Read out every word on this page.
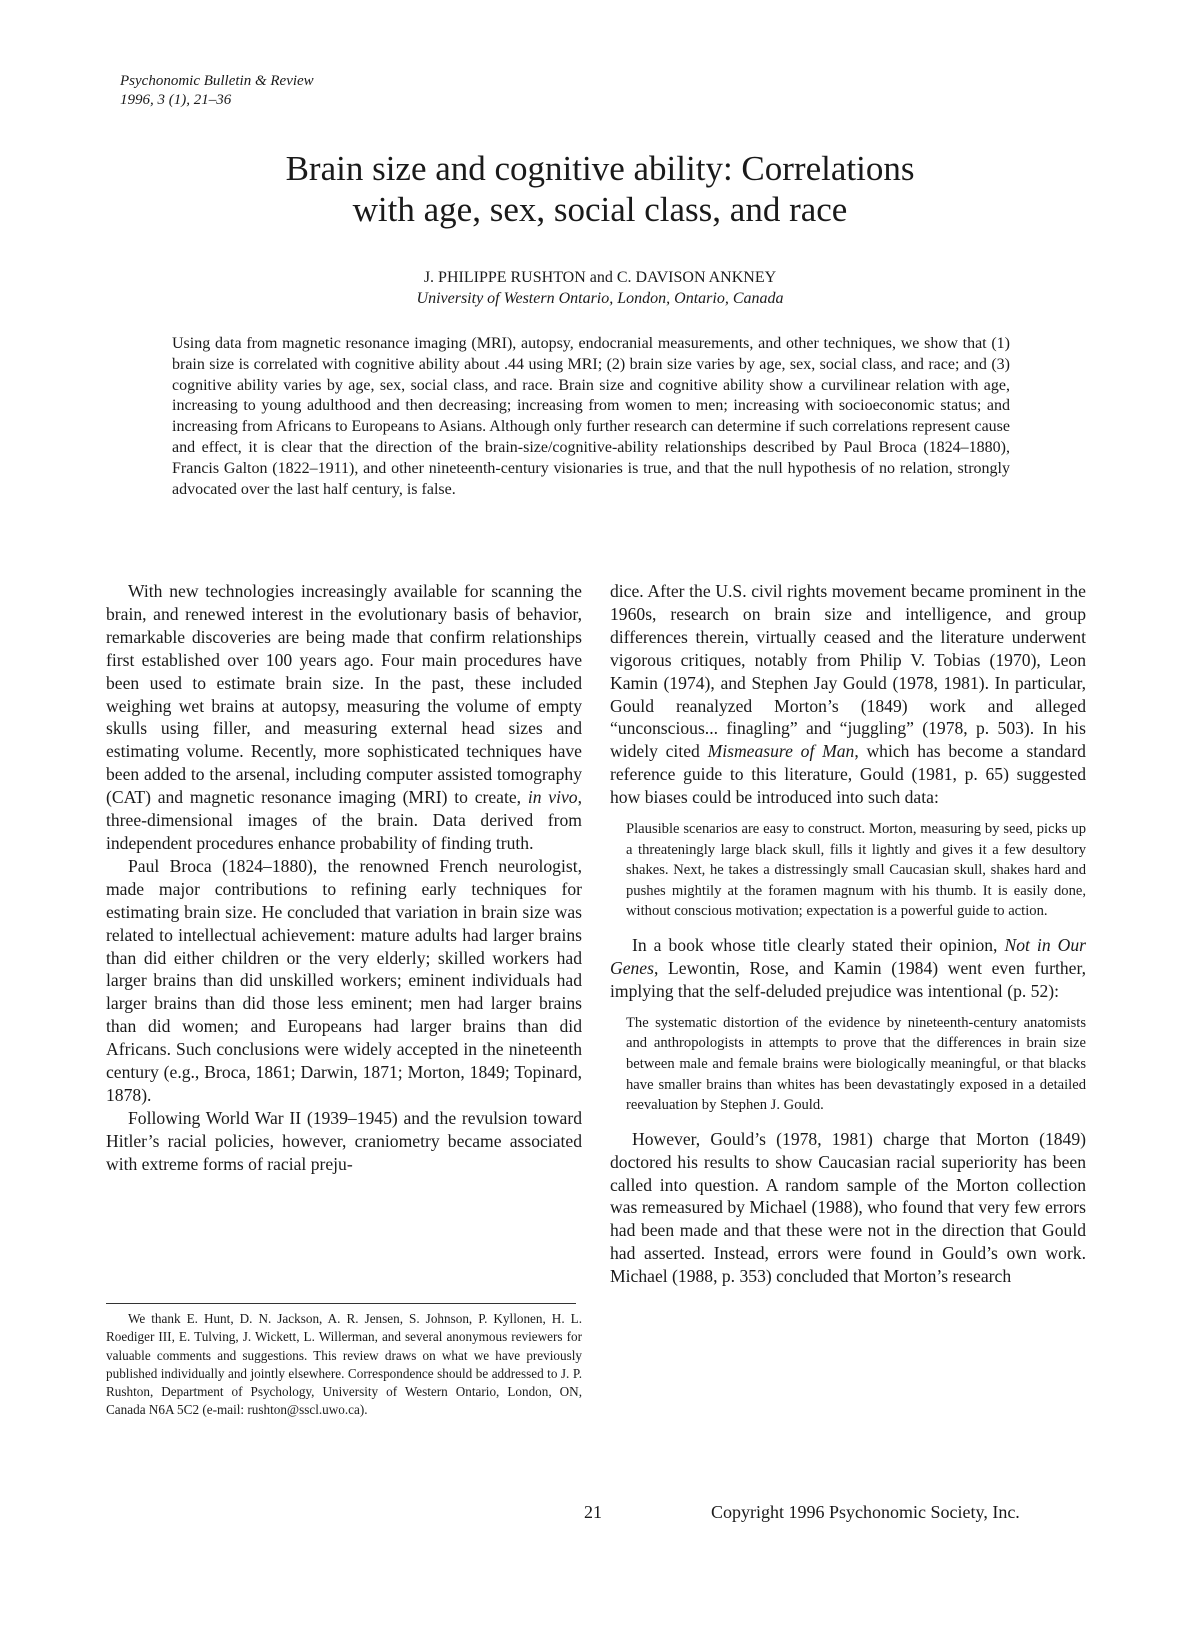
Psychonomic Bulletin & Review
1996, 3 (1), 21–36
Brain size and cognitive ability: Correlations
with age, sex, social class, and race
J. PHILIPPE RUSHTON and C. DAVISON ANKNEY
University of Western Ontario, London, Ontario, Canada
Using data from magnetic resonance imaging (MRI), autopsy, endocranial measurements, and other techniques, we show that (1) brain size is correlated with cognitive ability about .44 using MRI; (2) brain size varies by age, sex, social class, and race; and (3) cognitive ability varies by age, sex, social class, and race. Brain size and cognitive ability show a curvilinear relation with age, increasing to young adulthood and then decreasing; increasing from women to men; increasing with socioeconomic status; and increasing from Africans to Europeans to Asians. Although only further research can determine if such correlations represent cause and effect, it is clear that the direction of the brain-size/cognitive-ability relationships described by Paul Broca (1824–1880), Francis Galton (1822–1911), and other nineteenth-century visionaries is true, and that the null hypothesis of no relation, strongly advocated over the last half century, is false.

With new technologies increasingly available for scanning the brain, and renewed interest in the evolutionary basis of behavior, remarkable discoveries are being made that confirm relationships first established over 100 years ago. Four main procedures have been used to estimate brain size. In the past, these included weighing wet brains at autopsy, measuring the volume of empty skulls using filler, and measuring external head sizes and estimating volume. Recently, more sophisticated techniques have been added to the arsenal, including computer assisted tomography (CAT) and magnetic resonance imaging (MRI) to create, in vivo, three-dimensional images of the brain. Data derived from independent procedures enhance probability of finding truth.

Paul Broca (1824–1880), the renowned French neurologist, made major contributions to refining early techniques for estimating brain size. He concluded that variation in brain size was related to intellectual achievement: mature adults had larger brains than did either children or the very elderly; skilled workers had larger brains than did unskilled workers; eminent individuals had larger brains than did those less eminent; men had larger brains than did women; and Europeans had larger brains than did Africans. Such conclusions were widely accepted in the nineteenth century (e.g., Broca, 1861; Darwin, 1871; Morton, 1849; Topinard, 1878).

Following World War II (1939–1945) and the revulsion toward Hitler’s racial policies, however, craniometry became associated with extreme forms of racial preju-

We thank E. Hunt, D. N. Jackson, A. R. Jensen, S. Johnson, P. Kyllonen, H. L. Roediger III, E. Tulving, J. Wickett, L. Willerman, and several anonymous reviewers for valuable comments and suggestions. This review draws on what we have previously published individually and jointly elsewhere. Correspondence should be addressed to J. P. Rushton, Department of Psychology, University of Western Ontario, London, ON, Canada N6A 5C2 (e-mail: rushton@sscl.uwo.ca).

dice. After the U.S. civil rights movement became prominent in the 1960s, research on brain size and intelligence, and group differences therein, virtually ceased and the literature underwent vigorous critiques, notably from Philip V. Tobias (1970), Leon Kamin (1974), and Stephen Jay Gould (1978, 1981). In particular, Gould reanalyzed Morton’s (1849) work and alleged “unconscious... finagling” and “juggling” (1978, p. 503). In his widely cited Mismeasure of Man, which has become a standard reference guide to this literature, Gould (1981, p. 65) suggested how biases could be introduced into such data:

Plausible scenarios are easy to construct. Morton, measuring by seed, picks up a threateningly large black skull, fills it lightly and gives it a few desultory shakes. Next, he takes a distressingly small Caucasian skull, shakes hard and pushes mightily at the foramen magnum with his thumb. It is easily done, without conscious motivation; expectation is a powerful guide to action.

In a book whose title clearly stated their opinion, Not in Our Genes, Lewontin, Rose, and Kamin (1984) went even further, implying that the self-deluded prejudice was intentional (p. 52):

The systematic distortion of the evidence by nineteenth-century anatomists and anthropologists in attempts to prove that the differences in brain size between male and female brains were biologically meaningful, or that blacks have smaller brains than whites has been devastatingly exposed in a detailed reevaluation by Stephen J. Gould.

However, Gould’s (1978, 1981) charge that Morton (1849) doctored his results to show Caucasian racial superiority has been called into question. A random sample of the Morton collection was remeasured by Michael (1988), who found that very few errors had been made and that these were not in the direction that Gould had asserted. Instead, errors were found in Gould’s own work. Michael (1988, p. 353) concluded that Morton’s research

21	Copyright 1996 Psychonomic Society, Inc.
